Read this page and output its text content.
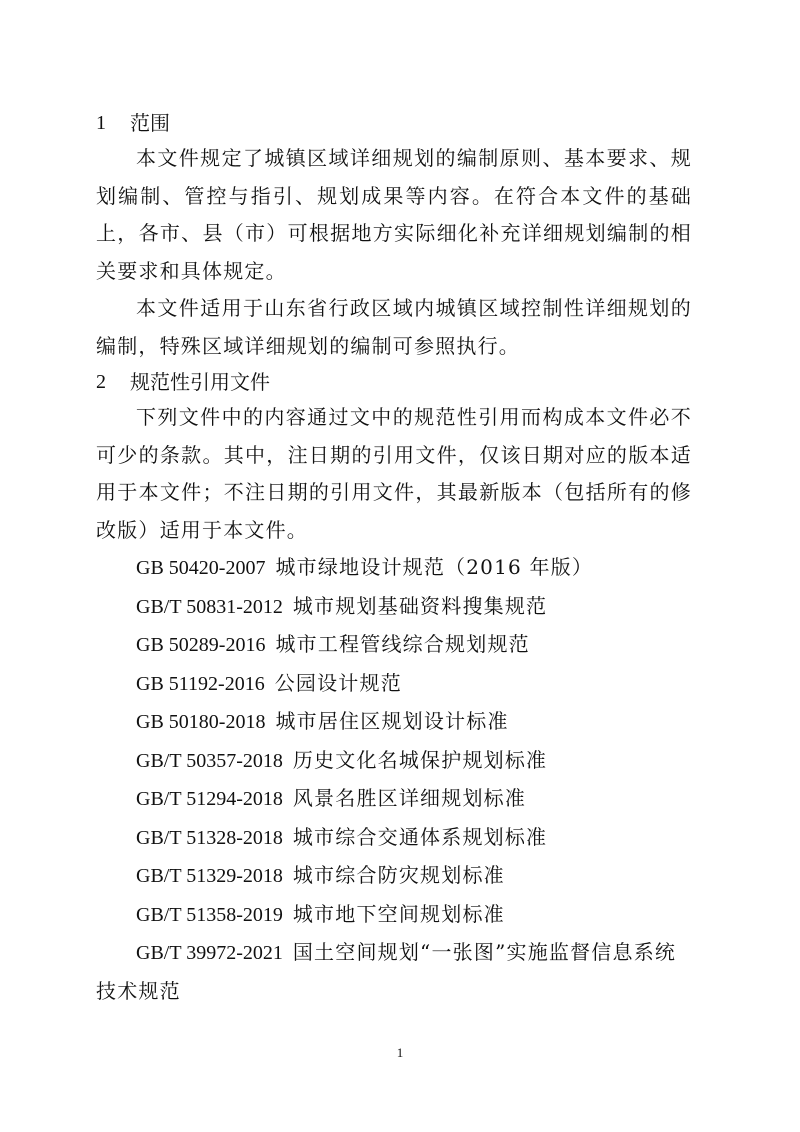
1	范围

本文件规定了城镇区域详细规划的编制原则、基本要求、规划编制、管控与指引、规划成果等内容。在符合本文件的基础上，各市、县（市）可根据地方实际细化补充详细规划编制的相关要求和具体规定。

本文件适用于山东省行政区域内城镇区域控制性详细规划的编制，特殊区域详细规划的编制可参照执行。

2	规范性引用文件

下列文件中的内容通过文中的规范性引用而构成本文件必不可少的条款。其中，注日期的引用文件，仅该日期对应的版本适用于本文件；不注日期的引用文件，其最新版本（包括所有的修改版）适用于本文件。

GB 50420-2007 城市绿地设计规范（2016 年版）
GB/T 50831-2012 城市规划基础资料搜集规范
GB 50289-2016 城市工程管线综合规划规范
GB 51192-2016 公园设计规范
GB 50180-2018 城市居住区规划设计标准
GB/T 50357-2018 历史文化名城保护规划标准
GB/T 51294-2018 风景名胜区详细规划标准
GB/T 51328-2018 城市综合交通体系规划标准
GB/T 51329-2018 城市综合防灾规划标准
GB/T 51358-2019 城市地下空间规划标准
GB/T 39972-2021 国土空间规划“一张图”实施监督信息系统技术规范
1
